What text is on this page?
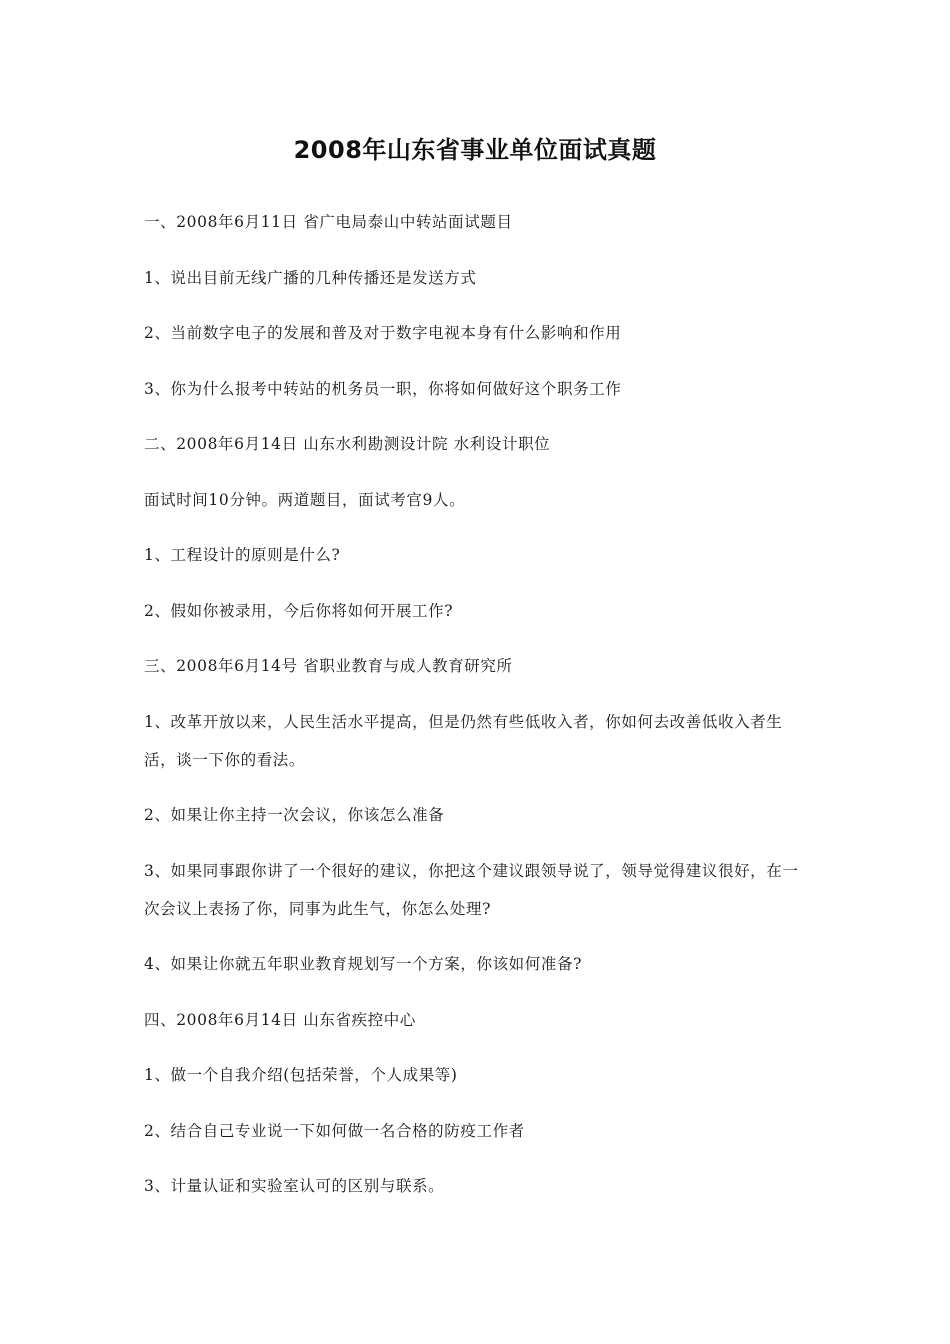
2008年山东省事业单位面试真题
一、2008年6月11日 省广电局泰山中转站面试题目
1、说出目前无线广播的几种传播还是发送方式
2、当前数字电子的发展和普及对于数字电视本身有什么影响和作用
3、你为什么报考中转站的机务员一职，你将如何做好这个职务工作
二、2008年6月14日 山东水利勘测设计院 水利设计职位
面试时间10分钟。两道题目，面试考官9人。
1、工程设计的原则是什么?
2、假如你被录用，今后你将如何开展工作?
三、2008年6月14号 省职业教育与成人教育研究所
1、改革开放以来，人民生活水平提高，但是仍然有些低收入者，你如何去改善低收入者生活，谈一下你的看法。
2、如果让你主持一次会议，你该怎么准备
3、如果同事跟你讲了一个很好的建议，你把这个建议跟领导说了，领导觉得建议很好，在一次会议上表扬了你，同事为此生气，你怎么处理?
4、如果让你就五年职业教育规划写一个方案，你该如何准备?
四、2008年6月14日 山东省疾控中心
1、做一个自我介绍(包括荣誉，个人成果等)
2、结合自己专业说一下如何做一名合格的防疫工作者
3、计量认证和实验室认可的区别与联系。
